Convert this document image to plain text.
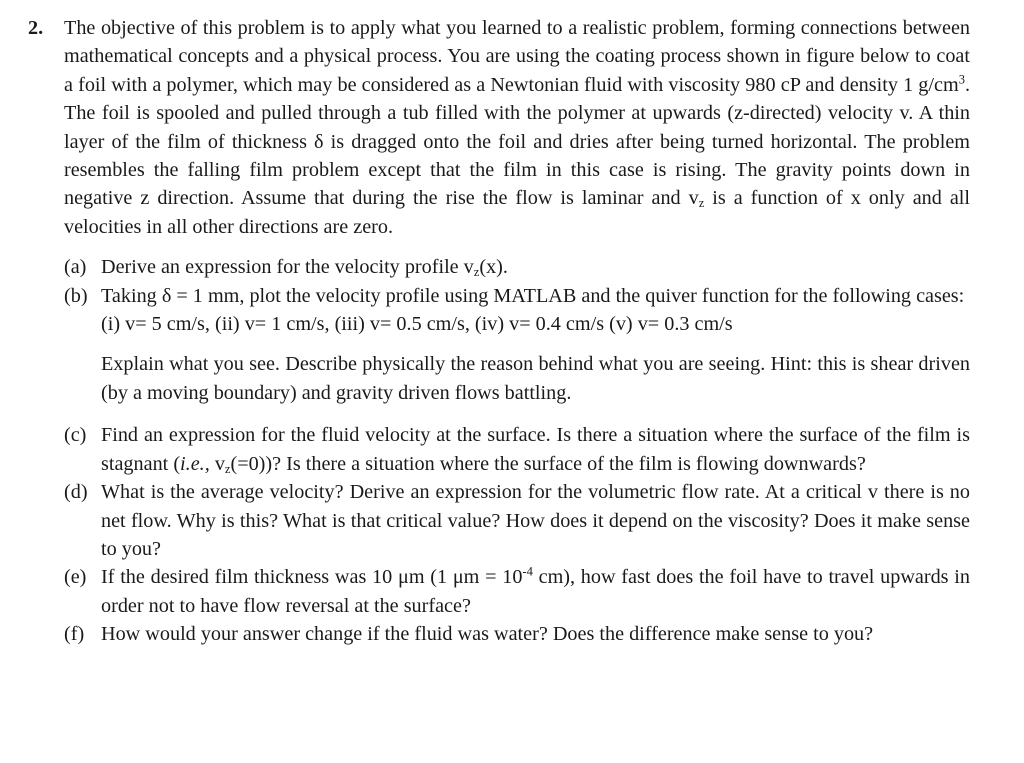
2.	The objective of this problem is to apply what you learned to a realistic problem, forming connections between mathematical concepts and a physical process. You are using the coating process shown in figure below to coat a foil with a polymer, which may be considered as a Newtonian fluid with viscosity 980 cP and density 1 $g/cm^3$. The foil is spooled and pulled through a tub filled with the polymer at upwards (z-directed) velocity v. A thin layer of the film of thickness δ is dragged onto the foil and dries after being turned horizontal. The problem resembles the falling film problem except that the film in this case is rising. The gravity points down in negative z direction. Assume that during the rise the flow is laminar and $v_z$ is a function of x only and all velocities in all other directions are zero.
(a) Derive an expression for the velocity profile $v_z(x)$.
(b) Taking δ = 1 mm, plot the velocity profile using MATLAB and the quiver function for the following cases:
(i) v= 5 cm/s, (ii) v= 1 cm/s, (iii) v= 0.5 cm/s, (iv) v= 0.4 cm/s (v) v= 0.3 cm/s
Explain what you see. Describe physically the reason behind what you are seeing. Hint: this is shear driven (by a moving boundary) and gravity driven flows battling.
(c) Find an expression for the fluid velocity at the surface. Is there a situation where the surface of the film is stagnant (i.e., $v_z(=0)$)? Is there a situation where the surface of the film is flowing downwards?
(d) What is the average velocity? Derive an expression for the volumetric flow rate. At a critical v there is no net flow. Why is this? What is that critical value? How does it depend on the viscosity? Does it make sense to you?
(e) If the desired film thickness was 10 μm (1 $\mu m = 10^{-4}$ cm), how fast does the foil have to travel upwards in order not to have flow reversal at the surface?
(f) How would your answer change if the fluid was water? Does the difference make sense to you?
